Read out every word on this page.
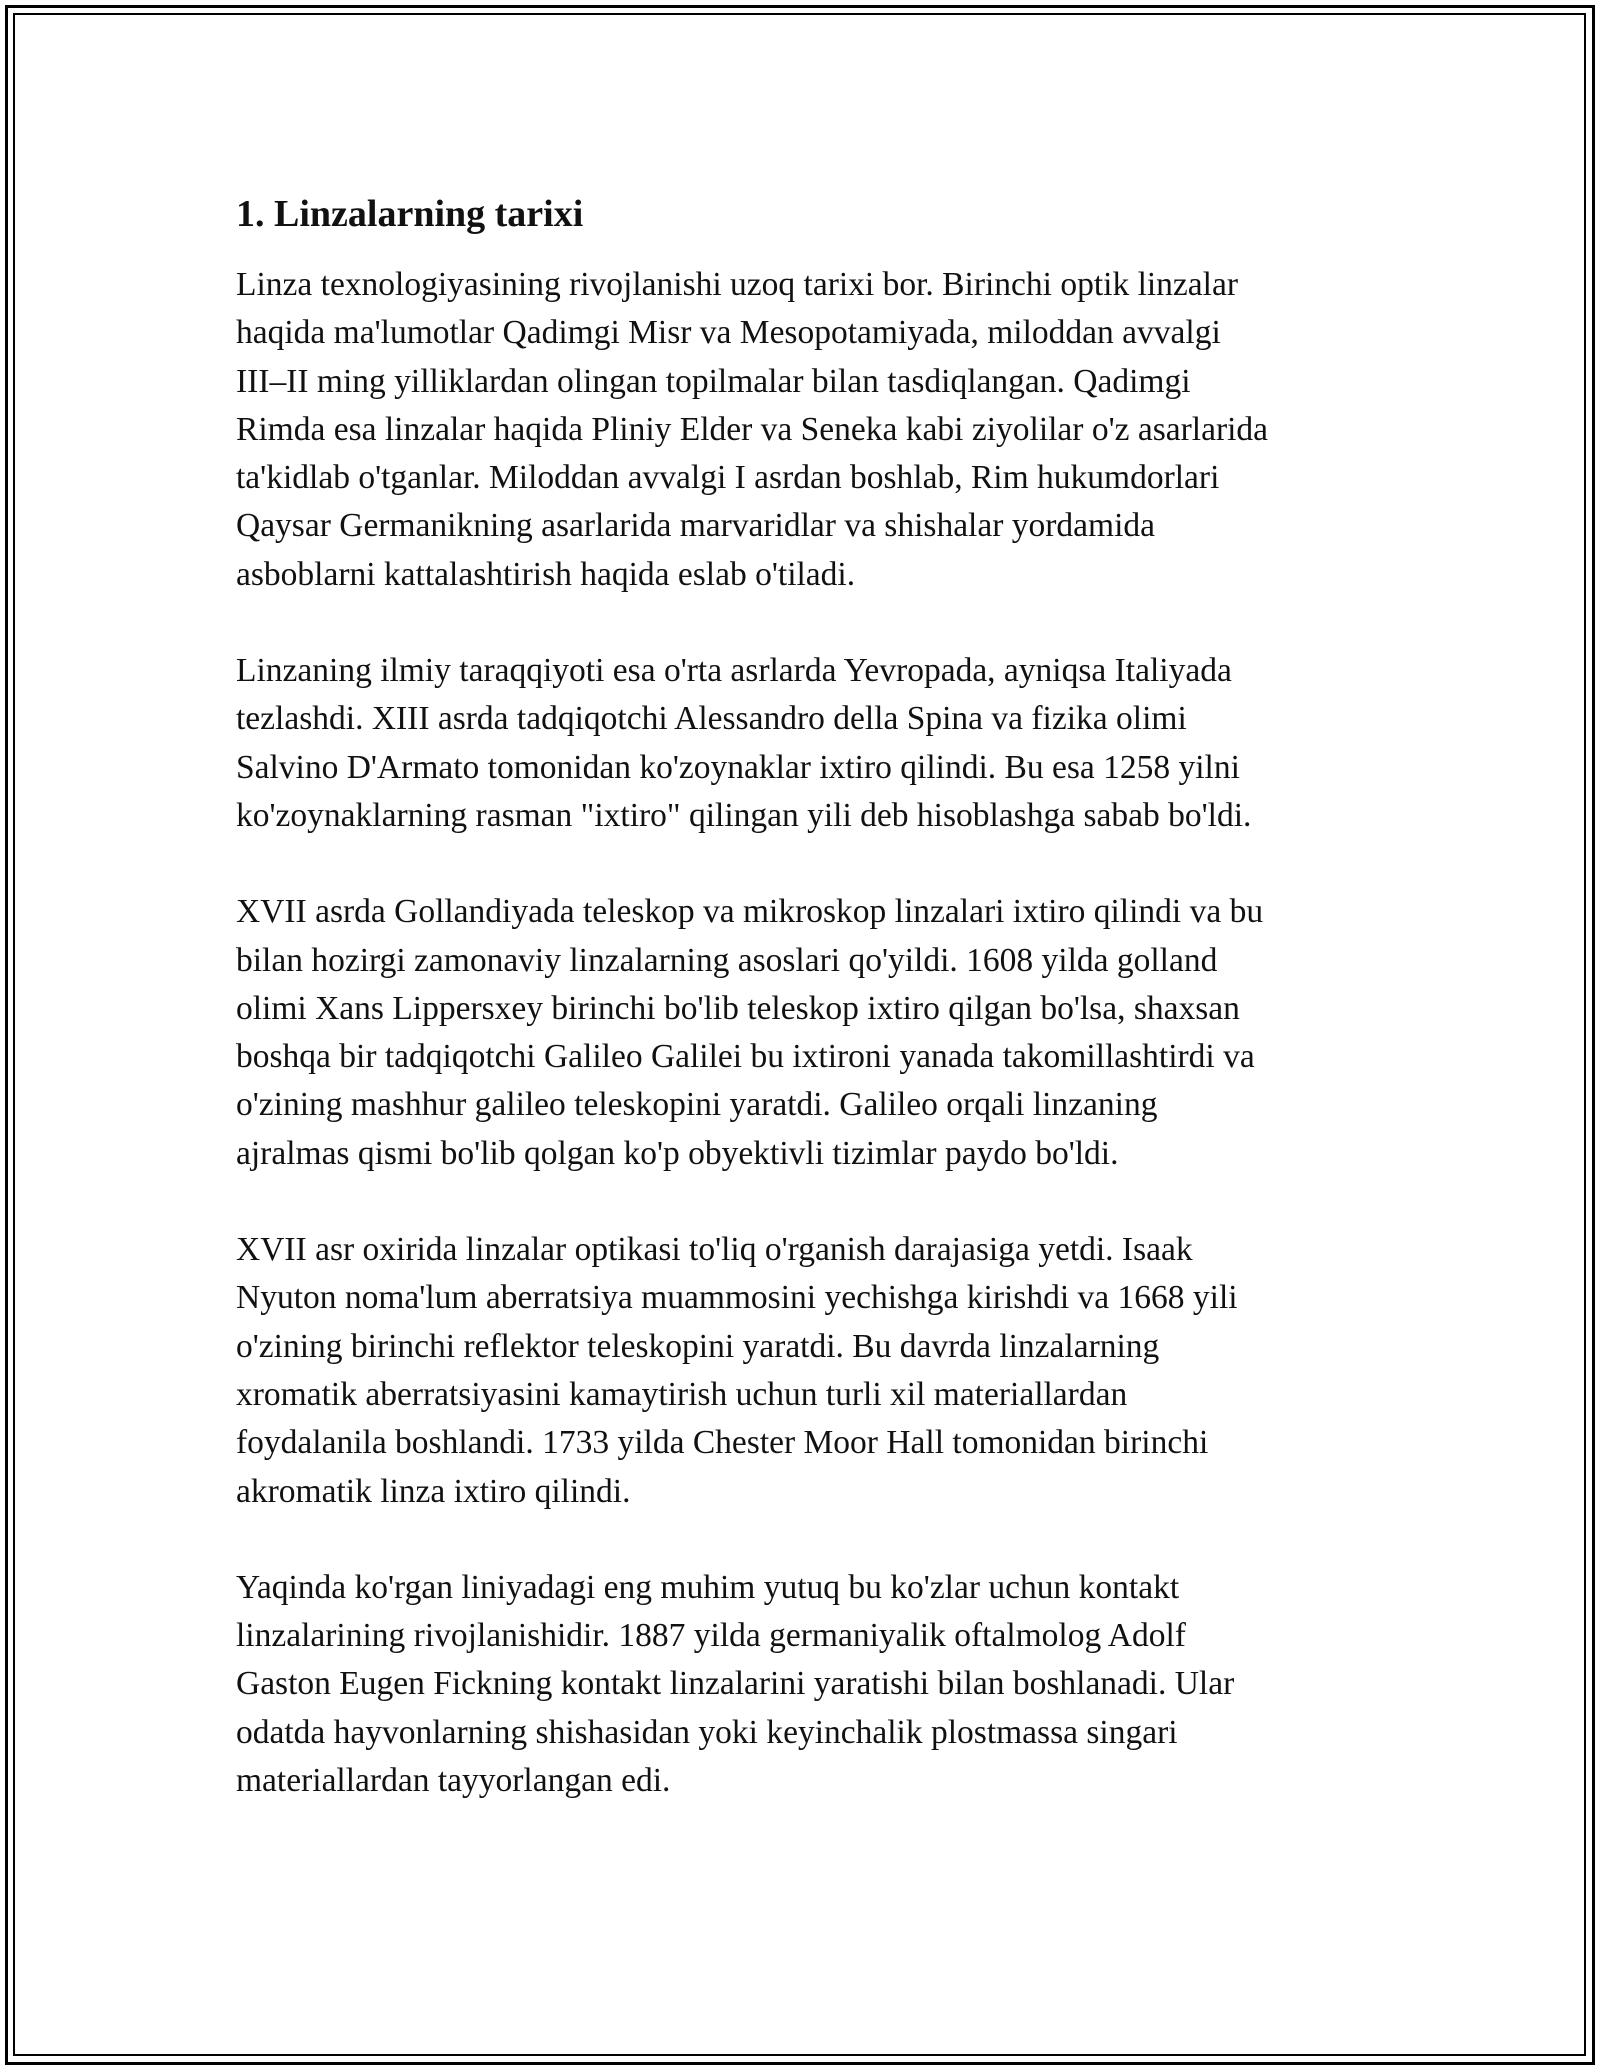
1. Linzalarning tarixi

Linza texnologiyasining rivojlanishi uzoq tarixi bor. Birinchi optik linzalar
haqida ma'lumotlar Qadimgi Misr va Mesopotamiyada, miloddan avvalgi
III–II ming yilliklardan olingan topilmalar bilan tasdiqlangan. Qadimgi
Rimda esa linzalar haqida Pliniy Elder va Seneka kabi ziyolilar o'z asarlarida
ta'kidlab o'tganlar. Miloddan avvalgi I asrdan boshlab, Rim hukumdorlari
Qaysar Germanikning asarlarida marvaridlar va shishalar yordamida
asboblarni kattalashtirish haqida eslab o'tiladi.

Linzaning ilmiy taraqqiyoti esa o'rta asrlarda Yevropada, ayniqsa Italiyada
tezlashdi. XIII asrda tadqiqotchi Alessandro della Spina va fizika olimi
Salvino D'Armato tomonidan ko'zoynaklar ixtiro qilindi. Bu esa 1258 yilni
ko'zoynaklarning rasman "ixtiro" qilingan yili deb hisoblashga sabab bo'ldi.

XVII asrda Gollandiyada teleskop va mikroskop linzalari ixtiro qilindi va bu
bilan hozirgi zamonaviy linzalarning asoslari qo'yildi. 1608 yilda golland
olimi Xans Lippersxey birinchi bo'lib teleskop ixtiro qilgan bo'lsa, shaxsan
boshqa bir tadqiqotchi Galileo Galilei bu ixtironi yanada takomillashtirdi va
o'zining mashhur galileo teleskopini yaratdi. Galileo orqali linzaning
ajralmas qismi bo'lib qolgan ko'p obyektivli tizimlar paydo bo'ldi.

XVII asr oxirida linzalar optikasi to'liq o'rganish darajasiga yetdi. Isaak
Nyuton noma'lum aberratsiya muammosini yechishga kirishdi va 1668 yili
o'zining birinchi reflektor teleskopini yaratdi. Bu davrda linzalarning
xromatik aberratsiyasini kamaytirish uchun turli xil materiallardan
foydalanila boshlandi. 1733 yilda Chester Moor Hall tomonidan birinchi
akromatik linza ixtiro qilindi.

Yaqinda ko'rgan liniyadagi eng muhim yutuq bu ko'zlar uchun kontakt
linzalarining rivojlanishidir. 1887 yilda germaniyalik oftalmolog Adolf
Gaston Eugen Fickning kontakt linzalarini yaratishi bilan boshlanadi. Ular
odatda hayvonlarning shishasidan yoki keyinchalik plostmassa singari
materiallardan tayyorlangan edi.
